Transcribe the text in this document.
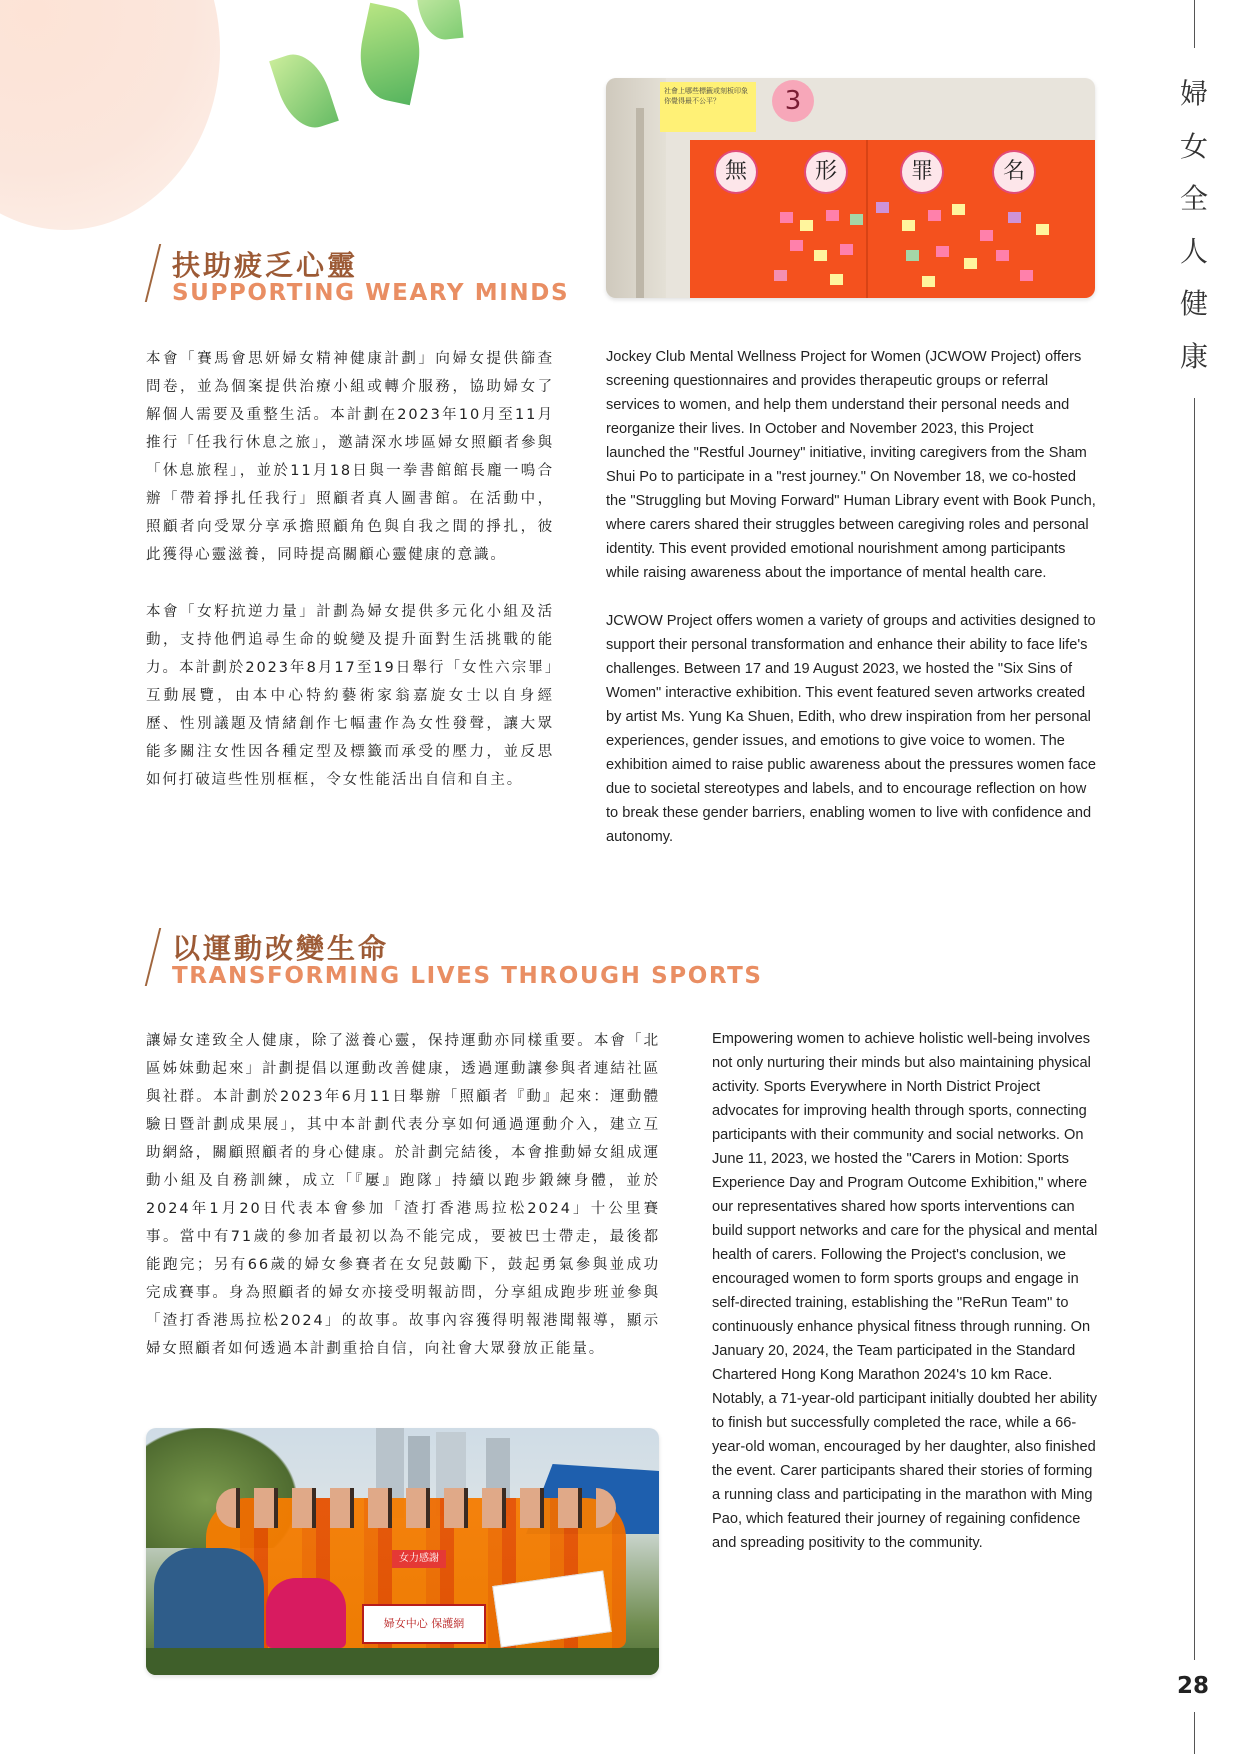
婦
女
全
人
健
康
28
扶助疲乏心靈
SUPPORTING WEARY MINDS
社會上哪些標籤或刻板印象你覺得最不公平？	3
無	形	罪	名

本會「賽馬會思妍婦女精神健康計劃」向婦女提供篩查問卷，並為個案提供治療小組或轉介服務，協助婦女了解個人需要及重整生活。本計劃在2023年10月至11月推行「任我行休息之旅」，邀請深水埗區婦女照顧者參與「休息旅程」，並於11月18日與一拳書館館長龐一鳴合辦「帶着掙扎任我行」照顧者真人圖書館。在活動中，照顧者向受眾分享承擔照顧角色與自我之間的掙扎，彼此獲得心靈滋養，同時提高關顧心靈健康的意識。

本會「女籽抗逆力量」計劃為婦女提供多元化小組及活動，支持他們追尋生命的蛻變及提升面對生活挑戰的能力。本計劃於2023年8月17至19日舉行「女性六宗罪」互動展覽，由本中心特約藝術家翁嘉旋女士以自身經歷、性別議題及情緒創作七幅畫作為女性發聲，讓大眾能多關注女性因各種定型及標籤而承受的壓力，並反思如何打破這些性別框框，令女性能活出自信和自主。

Jockey Club Mental Wellness Project for Women (JCWOW Project) offers screening questionnaires and provides therapeutic groups or referral services to women, and help them understand their personal needs and reorganize their lives. In October and November 2023, this Project launched the "Restful Journey" initiative, inviting caregivers from the Sham Shui Po to participate in a "rest journey." On November 18, we co-hosted the "Struggling but Moving Forward" Human Library event with Book Punch, where carers shared their struggles between caregiving roles and personal identity. This event provided emotional nourishment among participants while raising awareness about the importance of mental health care.

JCWOW Project offers women a variety of groups and activities designed to support their personal transformation and enhance their ability to face life's challenges. Between 17 and 19 August 2023, we hosted the "Six Sins of Women" interactive exhibition. This event featured seven artworks created by artist Ms. Yung Ka Shuen, Edith, who drew inspiration from her personal experiences, gender issues, and emotions to give voice to women. The exhibition aimed to raise public awareness about the pressures women face due to societal stereotypes and labels, and to encourage reflection on how to break these gender barriers, enabling women to live with confidence and autonomy.

以運動改變生命
TRANSFORMING LIVES THROUGH SPORTS

讓婦女達致全人健康，除了滋養心靈，保持運動亦同樣重要。本會「北區姊妹動起來」計劃提倡以運動改善健康，透過運動讓參與者連結社區與社群。本計劃於2023年6月11日舉辦「照顧者『動』起來：運動體驗日暨計劃成果展」，其中本計劃代表分享如何通過運動介入，建立互助網絡，關顧照顧者的身心健康。於計劃完結後，本會推動婦女組成運動小組及自務訓練，成立「『屢』跑隊」持續以跑步鍛練身體，並於2024年1月20日代表本會參加「渣打香港馬拉松2024」十公里賽事。當中有71歲的參加者最初以為不能完成，要被巴士帶走，最後都能跑完；另有66歲的婦女參賽者在女兒鼓勵下，鼓起勇氣參與並成功完成賽事。身為照顧者的婦女亦接受明報訪問，分享組成跑步班並參與「渣打香港馬拉松2024」的故事。故事內容獲得明報港聞報導，顯示婦女照顧者如何透過本計劃重拾自信，向社會大眾發放正能量。

Empowering women to achieve holistic well-being involves not only nurturing their minds but also maintaining physical activity. Sports Everywhere in North District Project advocates for improving health through sports, connecting participants with their community and social networks. On June 11, 2023, we hosted the "Carers in Motion: Sports Experience Day and Program Outcome Exhibition," where our representatives shared how sports interventions can build support networks and care for the physical and mental health of carers. Following the Project's conclusion, we encouraged women to form sports groups and engage in self-directed training, establishing the "ReRun Team" to continuously enhance physical fitness through running. On January 20, 2024, the Team participated in the Standard Chartered Hong Kong Marathon 2024's 10 km Race. Notably, a 71-year-old participant initially doubted her ability to finish but successfully completed the race, while a 66-year-old woman, encouraged by her daughter, also finished the event. Carer participants shared their stories of forming a running class and participating in the marathon with Ming Pao, which featured their journey of regaining confidence and spreading positivity to the community.

婦女中心 保護網
女力感謝
